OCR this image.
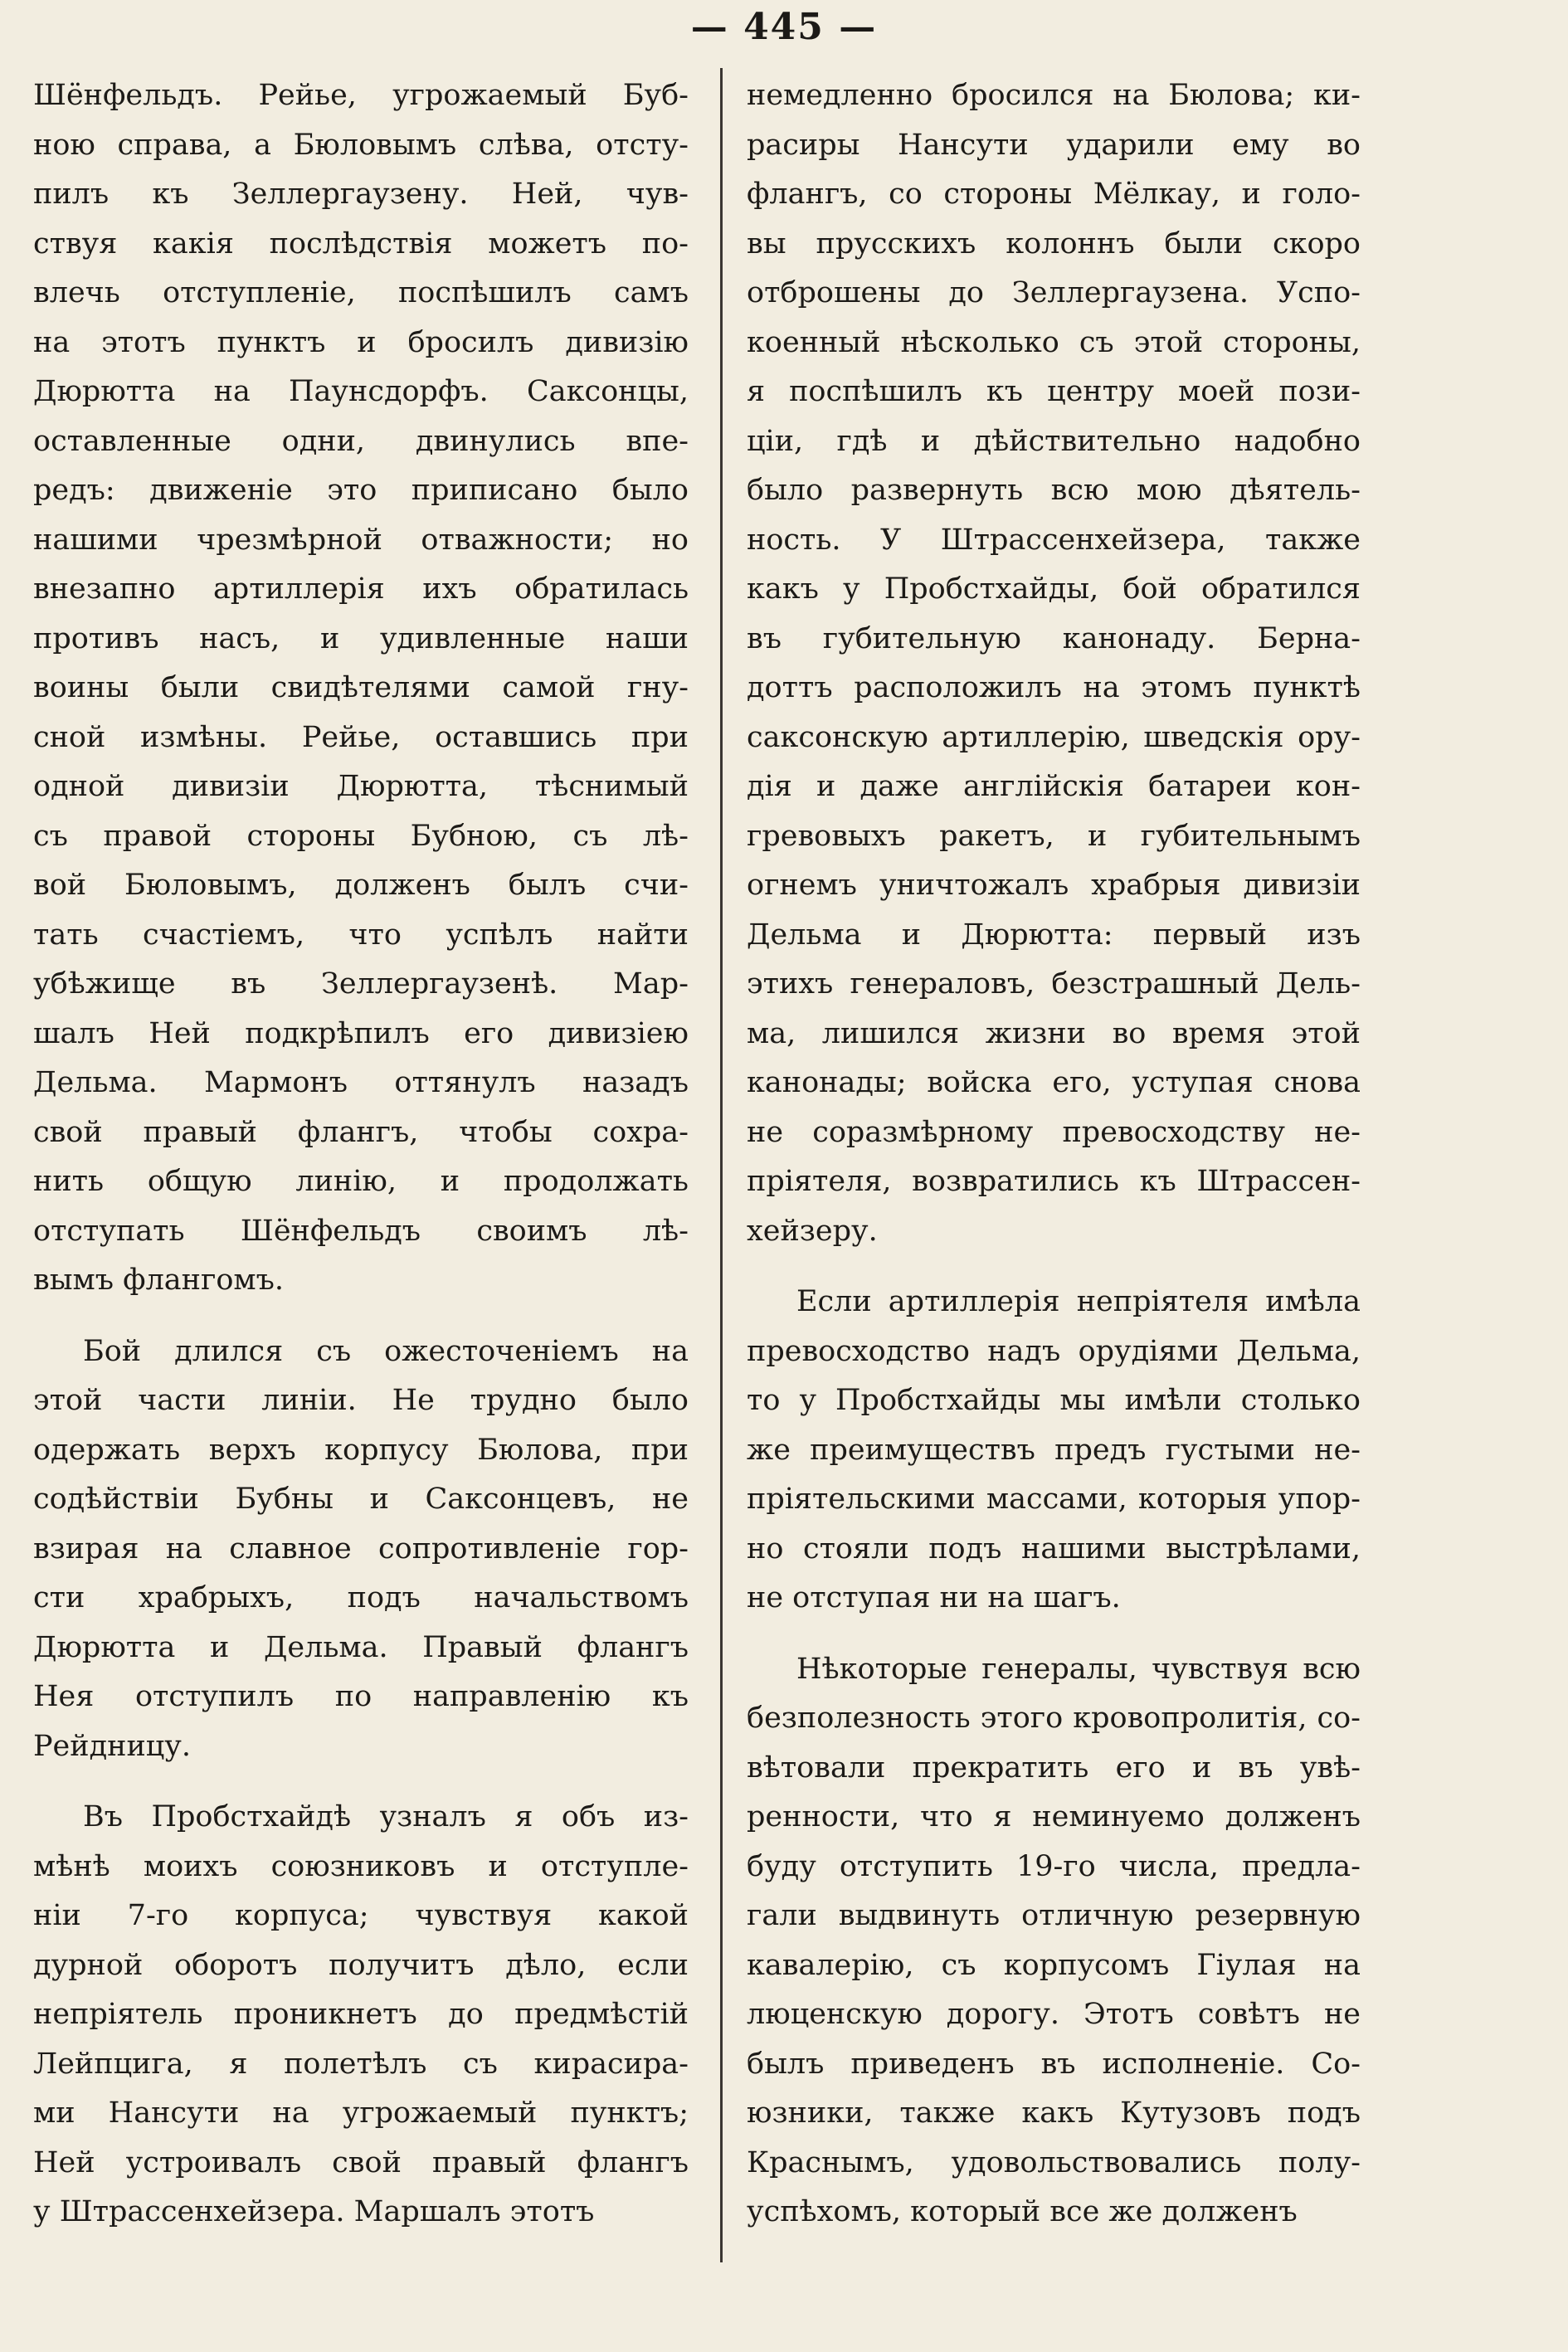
— 445 —
Шёнфельдъ. Рейье, угрожаемый Буб-
ною справа, а Бюловымъ слѣва, отсту-
пилъ къ Зеллергаузену. Ней, чув-
ствуя какія послѣдствія можетъ по-
влечь отступленіе, поспѣшилъ самъ
на этотъ пунктъ и бросилъ дивизію
Дюрютта на Паунсдорфъ. Саксонцы,
оставленные одни, двинулись впе-
редъ: движеніе это приписано было
нашими чрезмѣрной отважности; но
внезапно артиллерія ихъ обратилась
противъ насъ, и удивленные наши
воины были свидѣтелями самой гну-
сной измѣны. Рейье, оставшись при
одной дивизіи Дюрютта, тѣснимый
съ правой стороны Бубною, съ лѣ-
вой Бюловымъ, долженъ былъ счи-
тать счастіемъ, что успѣлъ найти
убѣжище въ Зеллергаузенѣ. Мар-
шалъ Ней подкрѣпилъ его дивизіею
Дельма. Мармонъ оттянулъ назадъ
свой правый флангъ, чтобы сохра-
нить общую линію, и продолжать
отступать Шёнфельдъ своимъ лѣ-
вымъ флангомъ.
Бой длился съ ожесточеніемъ на
этой части линіи. Не трудно было
одержать верхъ корпусу Бюлова, при
содѣйствіи Бубны и Саксонцевъ, не
взирая на славное сопротивленіе гор-
сти храбрыхъ, подъ начальствомъ
Дюрютта и Дельма. Правый флангъ
Нея отступилъ по направленію къ
Рейдницу.
Въ Пробстхайдѣ узналъ я объ из-
мѣнѣ моихъ союзниковъ и отступле-
ніи 7-го корпуса; чувствуя какой
дурной оборотъ получитъ дѣло, если
непріятель проникнетъ до предмѣстій
Лейпцига, я полетѣлъ съ кирасира-
ми Нансути на угрожаемый пунктъ;
Ней устроивалъ свой правый флангъ
у Штрассенхейзера. Маршалъ этотъ
немедленно бросился на Бюлова; ки-
расиры Нансути ударили ему во
флангъ, со стороны Мёлкау, и голо-
вы прусскихъ колоннъ были скоро
отброшены до Зеллергаузена. Успо-
коенный нѣсколько съ этой стороны,
я поспѣшилъ къ центру моей пози-
ціи, гдѣ и дѣйствительно надобно
было развернуть всю мою дѣятель-
ность. У Штрассенхейзера, также
какъ у Пробстхайды, бой обратился
въ губительную канонаду. Берна-
доттъ расположилъ на этомъ пунктѣ
саксонскую артиллерію, шведскія ору-
дія и даже англійскія батареи кон-
гревовыхъ ракетъ, и губительнымъ
огнемъ уничтожалъ храбрыя дивизіи
Дельма и Дюрютта: первый изъ
этихъ генераловъ, безстрашный Дель-
ма, лишился жизни во время этой
канонады; войска его, уступая снова
не соразмѣрному превосходству не-
пріятеля, возвратились къ Штрассен-
хейзеру.
Если артиллерія непріятеля имѣла
превосходство надъ орудіями Дельма,
то у Пробстхайды мы имѣли столько
же преимуществъ предъ густыми не-
пріятельскими массами, которыя упор-
но стояли подъ нашими выстрѣлами,
не отступая ни на шагъ.
Нѣкоторые генералы, чувствуя всю
безполезность этого кровопролитія, со-
вѣтовали прекратить его и въ увѣ-
ренности, что я неминуемо долженъ
буду отступить 19-го числа, предла-
гали выдвинуть отличную резервную
кавалерію, съ корпусомъ Гіулая на
люценскую дорогу. Этотъ совѣтъ не
былъ приведенъ въ исполненіе. Со-
юзники, также какъ Кутузовъ подъ
Краснымъ, удовольствовались полу-
успѣхомъ, который все же долженъ
